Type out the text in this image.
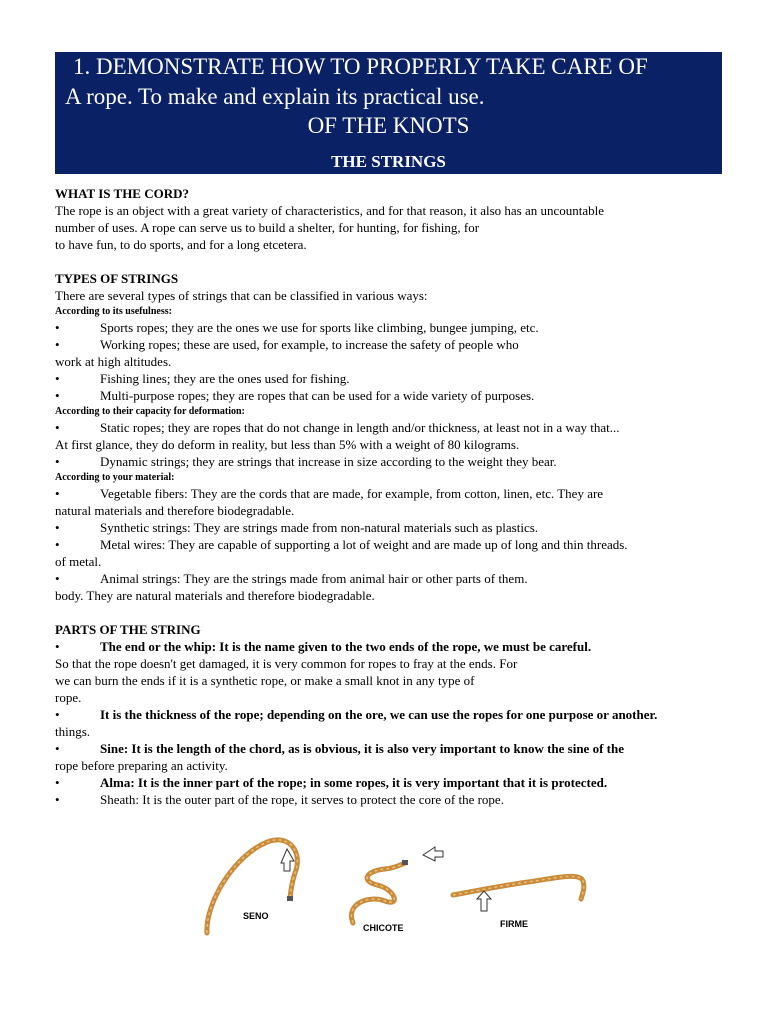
1. DEMONSTRATE HOW TO PROPERLY TAKE CARE OF
A rope. To make and explain its practical use.
OF THE KNOTS
THE STRINGS
WHAT IS THE CORD?
The rope is an object with a great variety of characteristics, and for that reason, it also has an uncountable
number of uses. A rope can serve us to build a shelter, for hunting, for fishing, for
to have fun, to do sports, and for a long etcetera.
TYPES OF STRINGS
There are several types of strings that can be classified in various ways:
According to its usefulness:
•	Sports ropes; they are the ones we use for sports like climbing, bungee jumping, etc.
•	Working ropes; these are used, for example, to increase the safety of people who
work at high altitudes.
•	Fishing lines; they are the ones used for fishing.
•	Multi-purpose ropes; they are ropes that can be used for a wide variety of purposes.
According to their capacity for deformation:
•	Static ropes; they are ropes that do not change in length and/or thickness, at least not in a way that...
At first glance, they do deform in reality, but less than 5% with a weight of 80 kilograms.
•	Dynamic strings; they are strings that increase in size according to the weight they bear.
According to your material:
•	Vegetable fibers: They are the cords that are made, for example, from cotton, linen, etc. They are
natural materials and therefore biodegradable.
•	Synthetic strings: They are strings made from non-natural materials such as plastics.
•	Metal wires: They are capable of supporting a lot of weight and are made up of long and thin threads.
of metal.
•	Animal strings: They are the strings made from animal hair or other parts of them.
body. They are natural materials and therefore biodegradable.
PARTS OF THE STRING
•	The end or the whip: It is the name given to the two ends of the rope, we must be careful.
So that the rope doesn't get damaged, it is very common for ropes to fray at the ends. For
we can burn the ends if it is a synthetic rope, or make a small knot in any type of
rope.
•	It is the thickness of the rope; depending on the ore, we can use the ropes for one purpose or another.
things.
•	Sine: It is the length of the chord, as is obvious, it is also very important to know the sine of the
rope before preparing an activity.
•	Alma: It is the inner part of the rope; in some ropes, it is very important that it is protected.
•	Sheath: It is the outer part of the rope, it serves to protect the core of the rope.
SENO
CHICOTE	FIRME
